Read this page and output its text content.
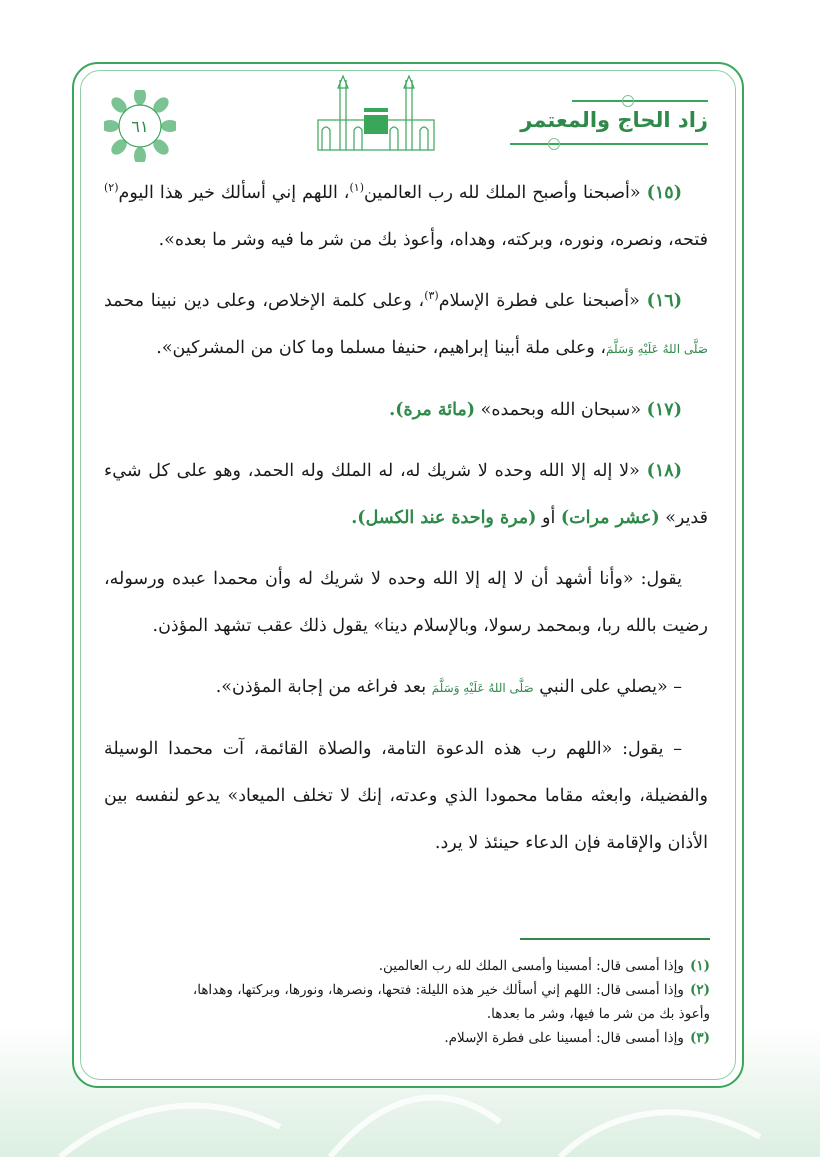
زاد الحاج والمعتمر
٦١

(١٥) «أصبحنا وأصبح الملك لله رب العالمين$^{(١)}$، اللهم إني أسألك خير هذا اليوم$^{(٢)}$ فتحه، ونصره، ونوره، وبركته، وهداه، وأعوذ بك من شر ما فيه وشر ما بعده».

(١٦) «أصبحنا على فطرة الإسلام$^{(٣)}$، وعلى كلمة الإخلاص، وعلى دين نبينا محمد صَلَّى اللهُ عَلَيْهِ وَسَلَّمَ، وعلى ملة أبينا إبراهيم، حنيفا مسلما وما كان من المشركين».

(١٧) «سبحان الله وبحمده» (مائة مرة).

(١٨) «لا إله إلا الله وحده لا شريك له، له الملك وله الحمد، وهو على كل شيء قدير» (عشر مرات) أو (مرة واحدة عند الكسل).

يقول: «وأنا أشهد أن لا إله إلا الله وحده لا شريك له وأن محمدا عبده ورسوله، رضيت بالله ربا، وبمحمد رسولا، وبالإسلام دينا» يقول ذلك عقب تشهد المؤذن.

– «يصلي على النبي صَلَّى اللهُ عَلَيْهِ وَسَلَّمَ بعد فراغه من إجابة المؤذن».

– يقول: «اللهم رب هذه الدعوة التامة، والصلاة القائمة، آت محمدا الوسيلة والفضيلة، وابعثه مقاما محمودا الذي وعدته، إنك لا تخلف الميعاد» يدعو لنفسه بين الأذان والإقامة فإن الدعاء حينئذ لا يرد.

(١)وإذا أمسى قال: أمسينا وأمسى الملك لله رب العالمين.

(٢)وإذا أمسى قال: اللهم إني أسألك خير هذه الليلة: فتحها، ونصرها، ونورها، وبركتها، وهداها،

وأعوذ بك من شر ما فيها، وشر ما بعدها.

(٣)وإذا أمسى قال: أمسينا على فطرة الإسلام.
